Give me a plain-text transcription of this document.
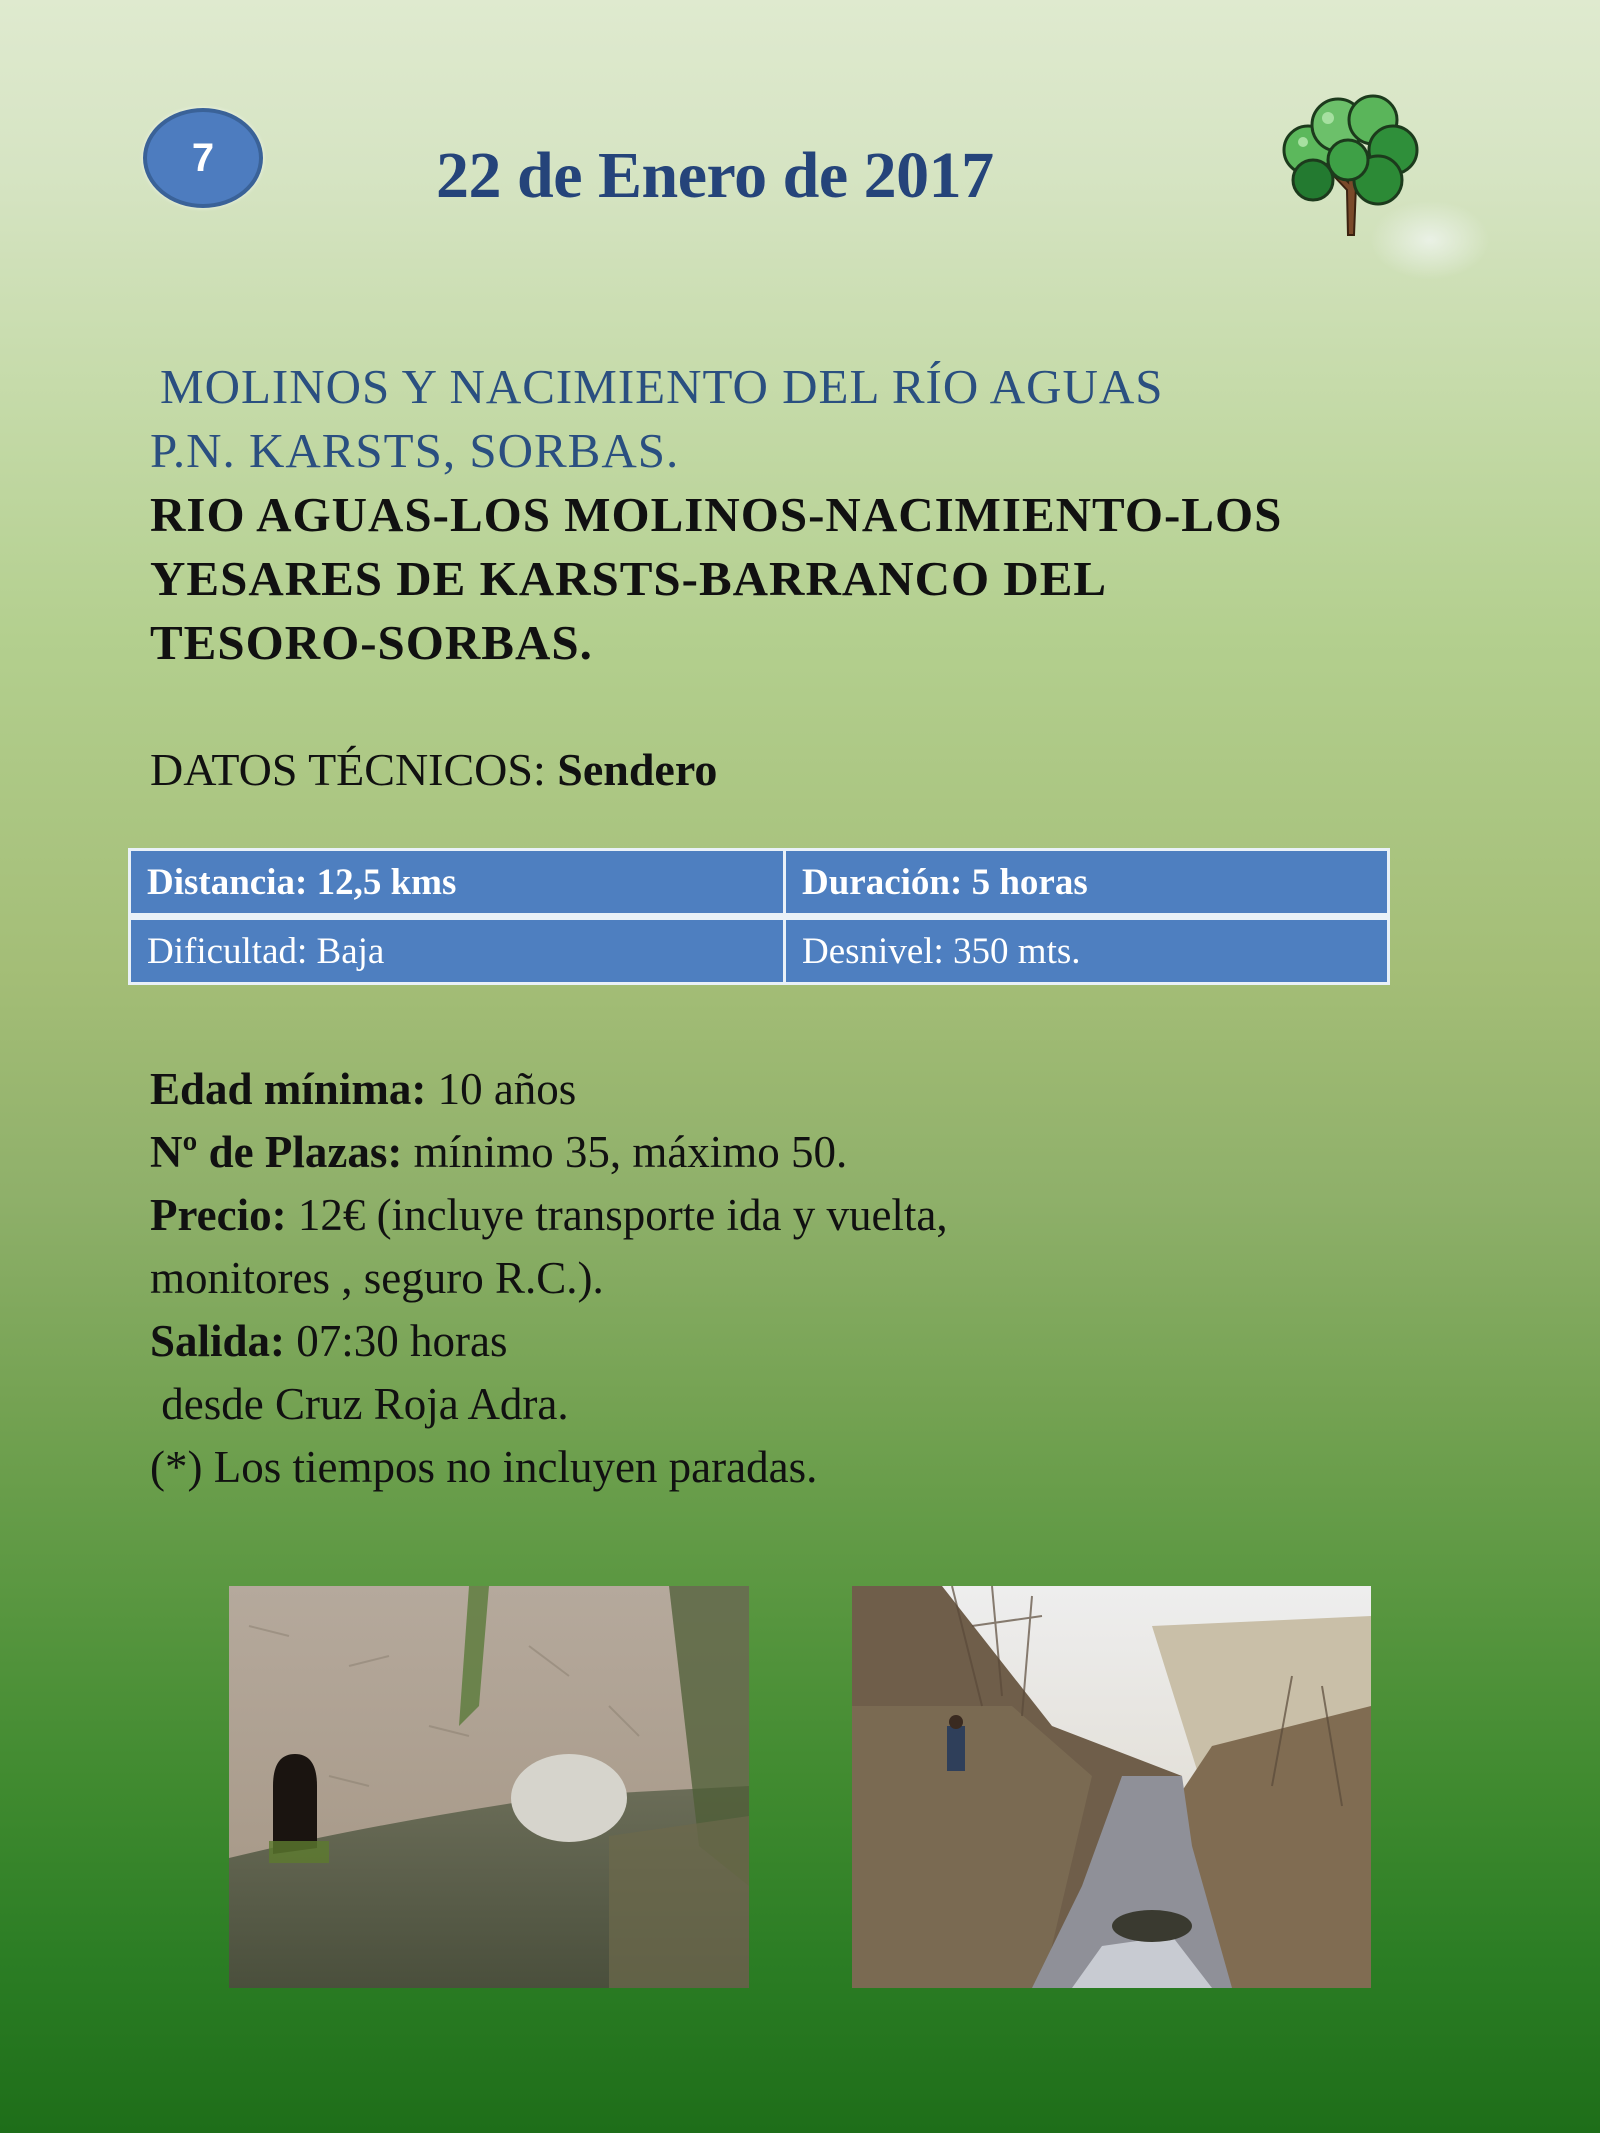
7	22 de Enero de 2017
MOLINOS Y NACIMIENTO DEL RÍO AGUAS
P.N. KARSTS, SORBAS.
RIO AGUAS-LOS MOLINOS-NACIMIENTO-LOS
YESARES DE KARSTS-BARRANCO DEL
TESORO-SORBAS.
DATOS TÉCNICOS: Sendero
Distancia: 12,5 kms	Duración: 5 horas
Dificultad: Baja	Desnivel: 350 mts.
Edad mínima: 10 años
Nº de Plazas: mínimo 35, máximo 50.
Precio: 12€ (incluye transporte ida y vuelta,
monitores , seguro R.C.).
Salida: 07:30 horas
desde Cruz Roja Adra.
(*) Los tiempos no incluyen paradas.
